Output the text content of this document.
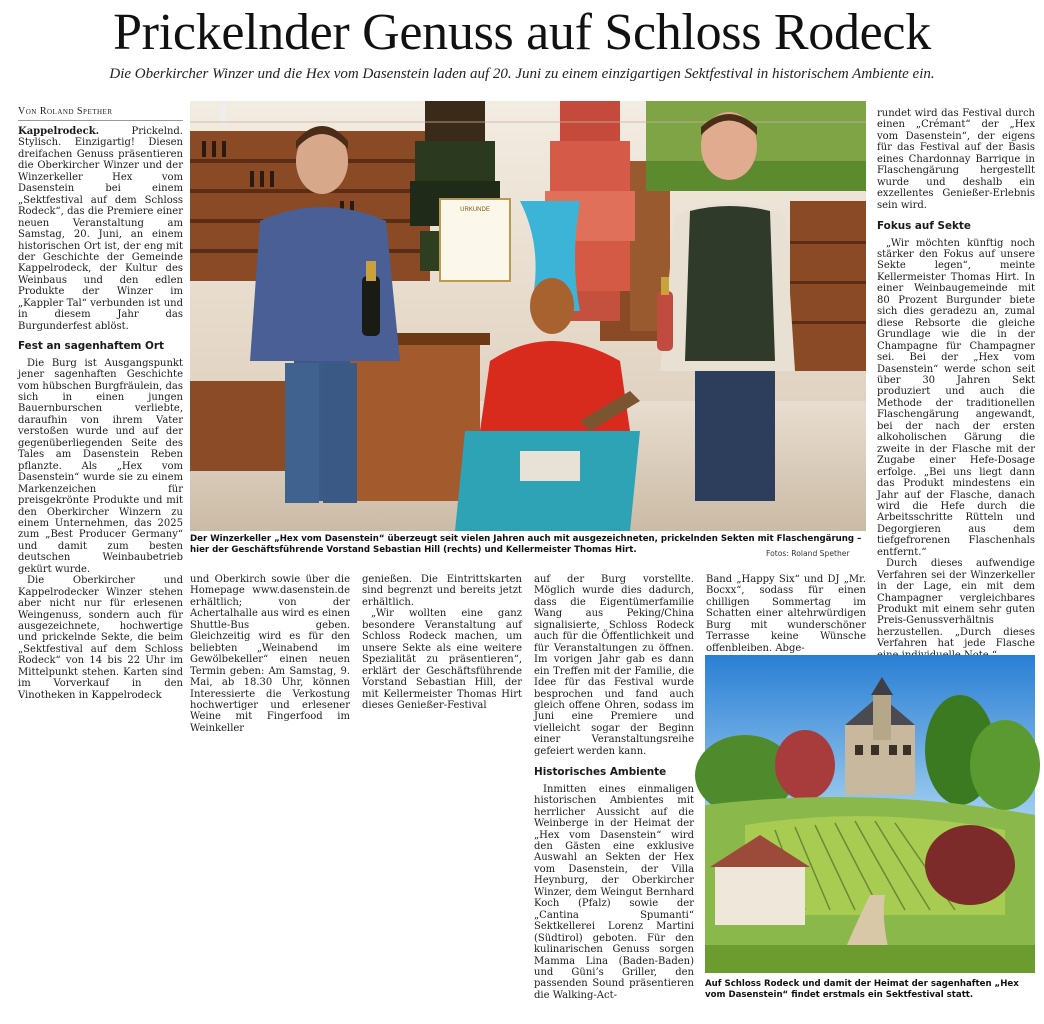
Prickelnder Genuss auf Schloss Rodeck
Die Oberkircher Winzer und die Hex vom Dasenstein laden auf 20. Juni zu einem einzigartigen Sektfestival in historischem Ambiente ein.
Von Roland Spether

Kappelrodeck.	Prickelnd. Stylisch. Einzigartig! Diesen dreifachen Genuss präsentieren die Oberkircher Winzer und der Winzerkeller Hex vom Dasenstein bei einem „Sektfestival auf dem Schloss Rodeck“, das die Premiere einer neuen Veranstaltung am Samstag, 20. Juni, an einem historischen Ort ist, der eng mit der Geschichte der Gemeinde Kappelrodeck, der Kultur des Weinbaus und den edlen Produkte der Winzer im „Kappler Tal“ verbunden ist und in diesem Jahr das Burgunderfest ablöst.

Fest an sagenhaftem Ort

Die Burg ist Ausgangspunkt jener sagenhaften Geschichte vom hübschen Burgfräulein, das sich in einen jungen Bauernburschen verliebte, daraufhin von ihrem Vater verstoßen wurde und auf der gegenüberliegenden Seite des Tales am Dasenstein Reben pflanzte. Als „Hex vom Dasenstein“ wurde sie zu einem Markenzeichen für preisgekrönte Produkte und mit den Oberkircher Winzern zu einem Unternehmen, das 2025 zum „Best Producer Germany“ und damit zum besten deutschen Weinbaubetrieb gekürt wurde.

Die Oberkircher und Kappelrodecker Winzer stehen aber nicht nur für erlesenen Weingenuss, sondern auch für ausgezeichnete, hochwertige und prickelnde Sekte, die beim „Sektfestival auf dem Schloss Rodeck“ von 14 bis 22 Uhr im Mittelpunkt stehen. Karten sind im Vorverkauf in den Vinotheken in Kappelrodeck

URKUNDE
Der Winzerkeller „Hex vom Dasenstein“ überzeugt seit vielen Jahren auch mit ausgezeichneten, prickelnden Sekten mit Flaschengärung – hier der Geschäftsführende Vorstand Sebastian Hill (rechts) und Kellermeister Thomas Hirt.	Fotos: Roland Spether

und Oberkirch sowie über die Homepage www.dasenstein.de erhältlich; von der Achertalhalle aus wird es einen Shuttle-Bus geben. Gleichzeitig wird es für den beliebten „Weinabend im Gewölbekeller“ einen neuen Termin geben: Am Samstag, 9. Mai, ab 18.30 Uhr, können Interessierte die Verkostung hochwertiger und erlesener Weine mit Fingerfood im Weinkeller

genießen. Die Eintrittskarten sind begrenzt und bereits jetzt erhältlich.

„Wir wollten eine ganz besondere Veranstaltung auf Schloss Rodeck machen, um unsere Sekte als eine weitere Spezialität zu präsentieren“, erklärt der Geschäftsführende Vorstand Sebastian Hill, der mit Kellermeister Thomas Hirt dieses Genießer-Festival

auf der Burg vorstellte. Möglich wurde dies dadurch, dass die Eigentümerfamilie Wang aus Peking/China signalisierte, Schloss Rodeck auch für die Öffentlichkeit und für Veranstaltungen zu öffnen. Im vorigen Jahr gab es dann ein Treffen mit der Familie, die Idee für das Festival wurde besprochen und fand auch gleich offene Ohren, sodass im Juni eine Premiere und vielleicht sogar der Beginn einer Veranstaltungsreihe gefeiert werden kann.

Historisches Ambiente

Inmitten eines einmaligen historischen Ambientes mit herrlicher Aussicht auf die Weinberge in der Heimat der „Hex vom Dasenstein“ wird den Gästen eine exklusive Auswahl an Sekten der Hex vom Dasenstein, der Villa Heynburg, der Oberkircher Winzer, dem Weingut Bernhard Koch (Pfalz) sowie der „Cantina Spumanti“ Sektkellerei Lorenz Martini (Südtirol) geboten. Für den kulinarischen Genuss sorgen Mamma Lina (Baden-Baden) und Güni’s Griller, den passenden Sound präsentieren die Walking-Act-

Band „Happy Six“ und DJ „Mr. Bocxx“, sodass für einen chilligen Sommertag im Schatten einer altehrwürdigen Burg mit wunderschöner Terrasse keine Wünsche offenbleiben. Abge-

rundet wird das Festival durch einen „Crémant“ der „Hex vom Dasenstein“, der eigens für das Festival auf der Basis eines Chardonnay Barrique in Flaschengärung hergestellt wurde und deshalb ein exzellentes Genießer-Erlebnis sein wird.

Fokus auf Sekte

„Wir möchten künftig noch stärker den Fokus auf unsere Sekte legen“, meinte Kellermeister Thomas Hirt. In einer Weinbaugemeinde mit 80 Prozent Burgunder biete sich dies geradezu an, zumal diese Rebsorte die gleiche Grundlage wie die in der Champagne für Champagner sei. Bei der „Hex vom Dasenstein“ werde schon seit über 30 Jahren Sekt produziert und auch die Methode der traditionellen Flaschengärung angewandt, bei der nach der ersten alkoholischen Gärung die zweite in der Flasche mit der Zugabe einer Hefe-Dosage erfolge. „Bei uns liegt dann das Produkt mindestens ein Jahr auf der Flasche, danach wird die Hefe durch die Arbeitsschritte Rütteln und Degorgieren aus dem tiefgefrorenen Flaschenhals entfernt.“

Durch dieses aufwendige Verfahren sei der Winzerkeller in der Lage, ein mit dem Champagner vergleichbares Produkt mit einem sehr guten Preis-Genussverhältnis herzustellen. „Durch dieses Verfahren hat jede Flasche

Auf Schloss Rodeck und damit der Heimat der sagenhaften „Hex vom Dasenstein“ findet erstmals ein Sektfestival statt.
